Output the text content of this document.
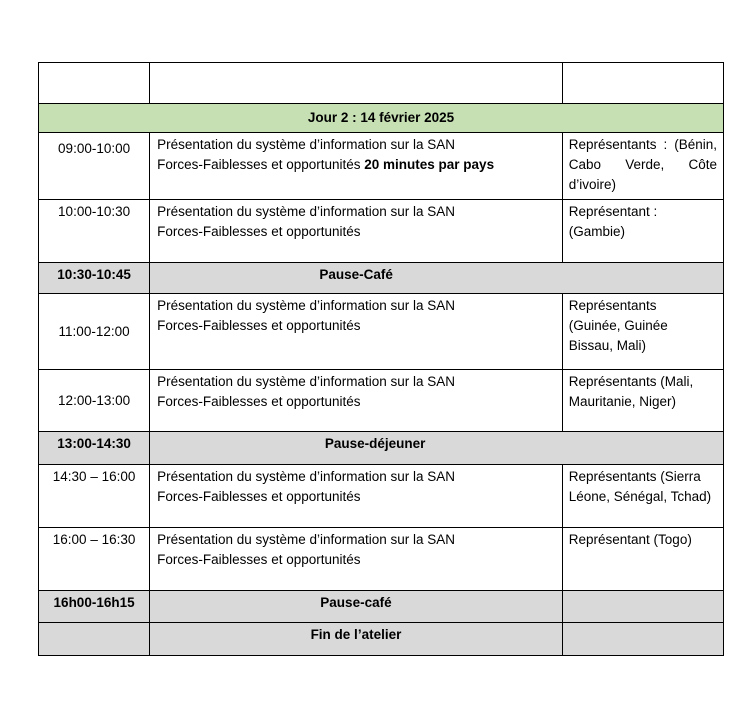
Jour 2 : 14 février 2025		
09:00-10:00	Présentation du système d’information sur la SAN
Forces-Faiblesses et opportunités 20 minutes par pays	Représentants : (Bénin,
Cabo Verde, Côte
d’ivoire)

10:00-10:30	Présentation du système d’information sur la SAN
Forces-Faiblesses et opportunités	Représentant :
(Gambie)

10:30-10:45	Pause-Café	

11:00-12:00	Présentation du système d’information sur la SAN
Forces-Faiblesses et opportunités	Représentants
(Guinée, Guinée
Bissau, Mali)

12:00-13:00	Présentation du système d’information sur la SAN
Forces-Faiblesses et opportunités	Représentants (Mali,
Mauritanie, Niger)

13:00-14:30	Pause-déjeuner	

14:30 – 16:00	Présentation du système d’information sur la SAN
Forces-Faiblesses et opportunités	Représentants (Sierra
Léone, Sénégal, Tchad)

16:00 – 16:30	Présentation du système d’information sur la SAN
Forces-Faiblesses et opportunités	Représentant (Togo)

16h00-16h15	Pause-café	
	Fin de l’atelier	
